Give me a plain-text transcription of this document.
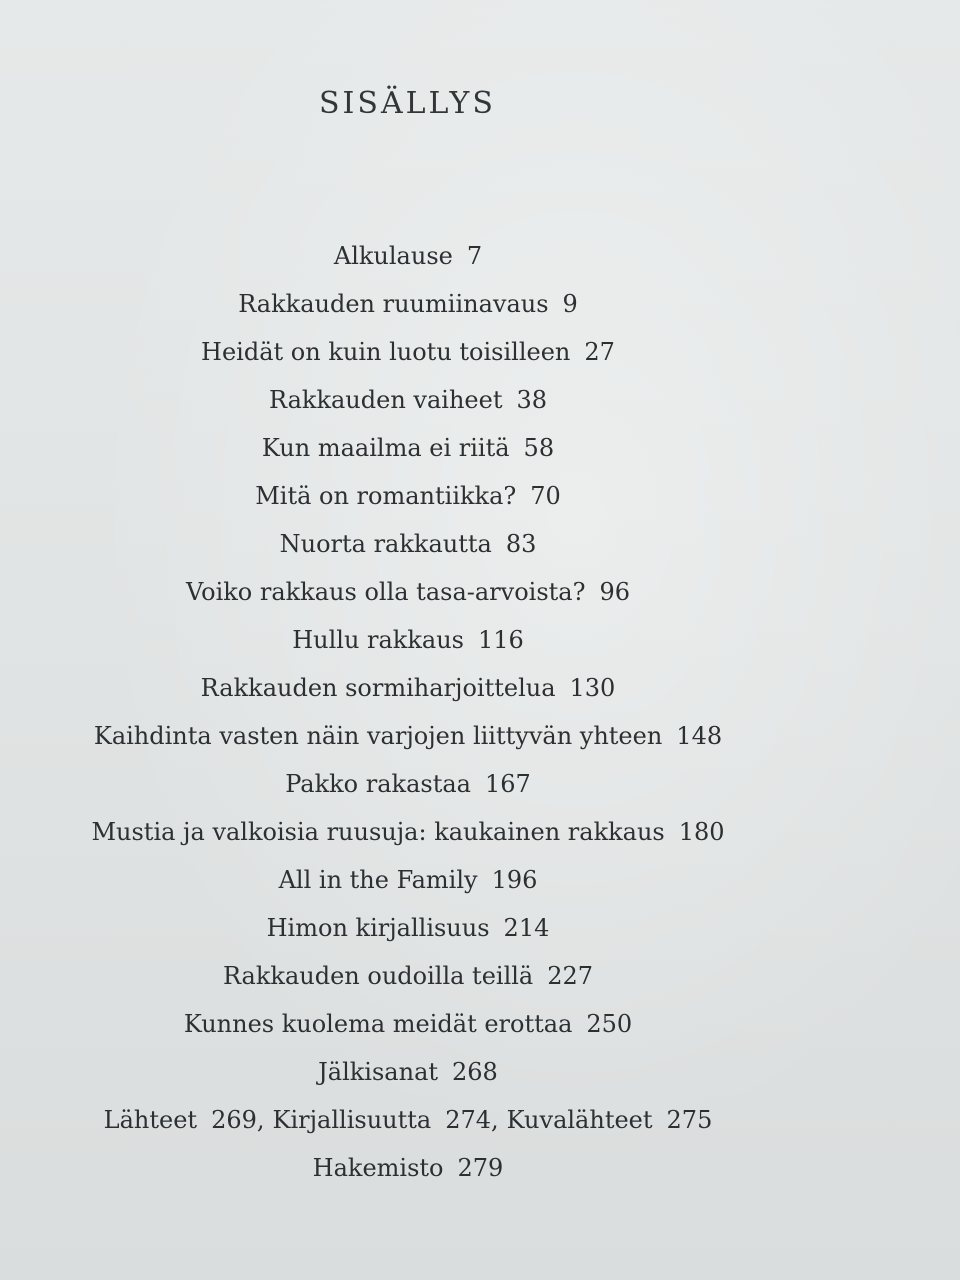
SISÄLLYS
Alkulause 7
Rakkauden ruumiinavaus 9
Heidät on kuin luotu toisilleen 27
Rakkauden vaiheet 38
Kun maailma ei riitä 58
Mitä on romantiikka? 70
Nuorta rakkautta 83
Voiko rakkaus olla tasa-arvoista? 96
Hullu rakkaus 116
Rakkauden sormiharjoittelua 130
Kaihdinta vasten näin varjojen liittyvän yhteen 148
Pakko rakastaa 167
Mustia ja valkoisia ruusuja: kaukainen rakkaus 180
All in the Family 196
Himon kirjallisuus 214
Rakkauden oudoilla teillä 227
Kunnes kuolema meidät erottaa 250
Jälkisanat 268
Lähteet 269, Kirjallisuutta 274, Kuvalähteet 275
Hakemisto 279
